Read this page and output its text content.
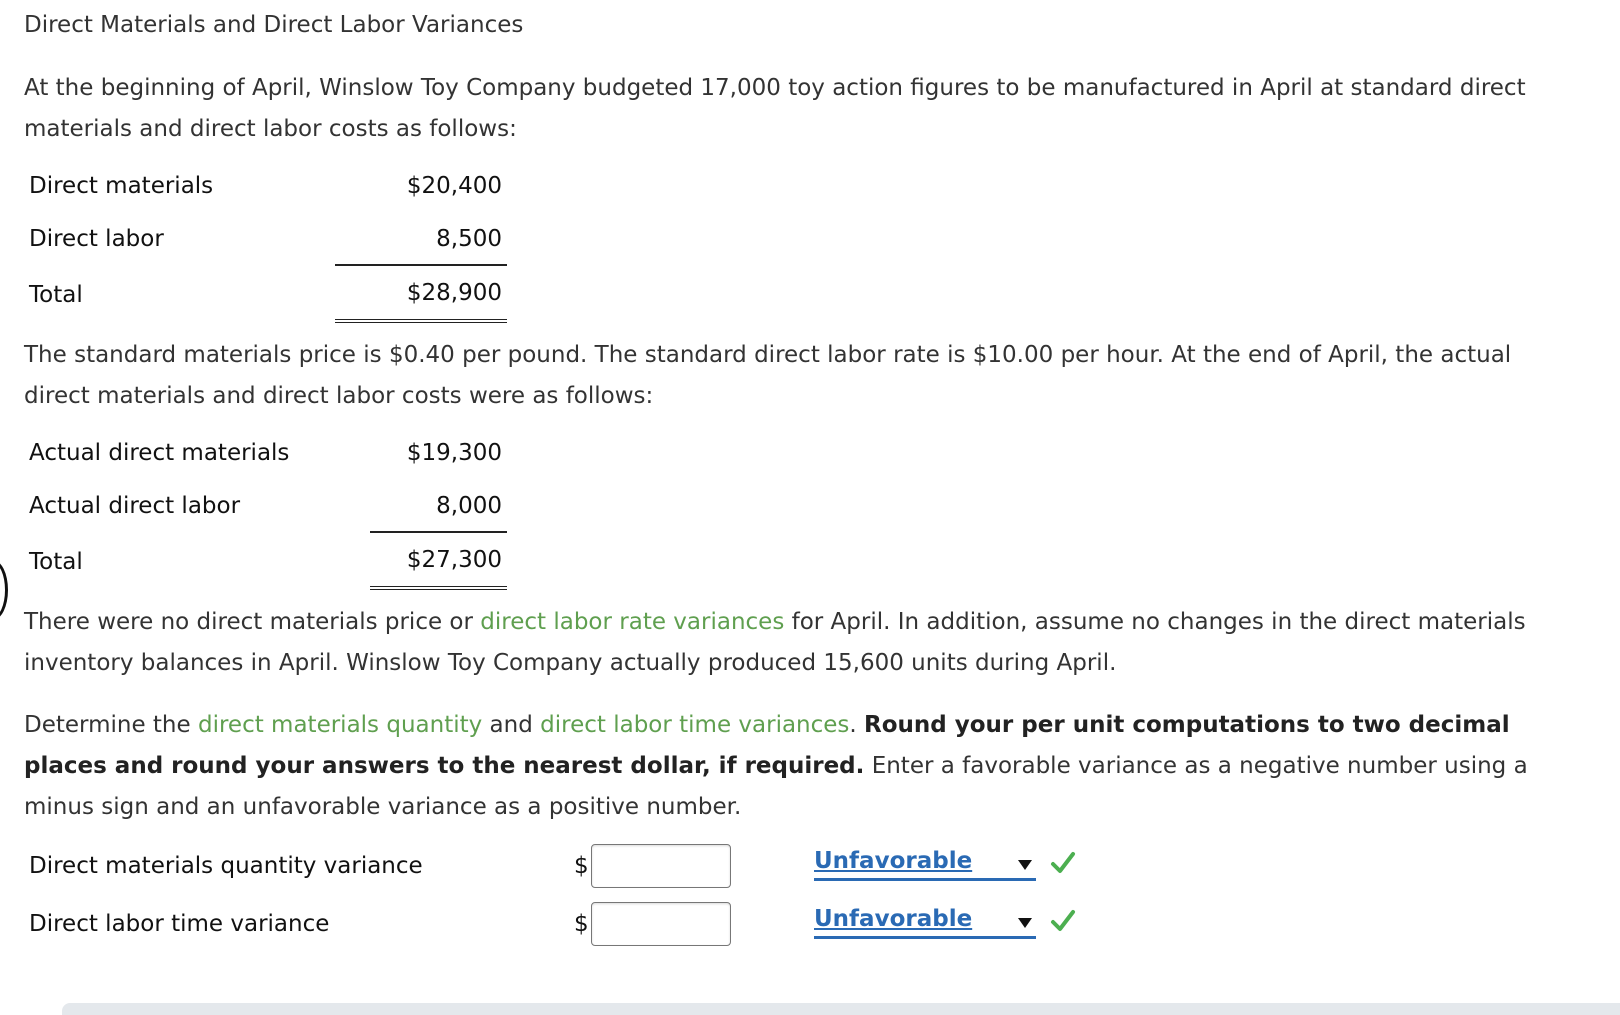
Direct Materials and Direct Labor Variances
At the beginning of April, Winslow Toy Company budgeted 17,000 toy action figures to be manufactured in April at standard direct materials and direct labor costs as follows:
Direct materials	$20,400
Direct labor	8,500
Total	$28,900
The standard materials price is $0.40 per pound. The standard direct labor rate is $10.00 per hour. At the end of April, the actual direct materials and direct labor costs were as follows:
Actual direct materials	$19,300
Actual direct labor	8,000
Total	$27,300
There were no direct materials price or direct labor rate variances for April. In addition, assume no changes in the direct materials inventory balances in April. Winslow Toy Company actually produced 15,600 units during April.
Determine the direct materials quantity and direct labor time variances. Round your per unit computations to two decimal places and round your answers to the nearest dollar, if required. Enter a favorable variance as a negative number using a minus sign and an unfavorable variance as a positive number.
Direct materials quantity variance	$	Unfavorable
Direct labor time variance	$	Unfavorable
